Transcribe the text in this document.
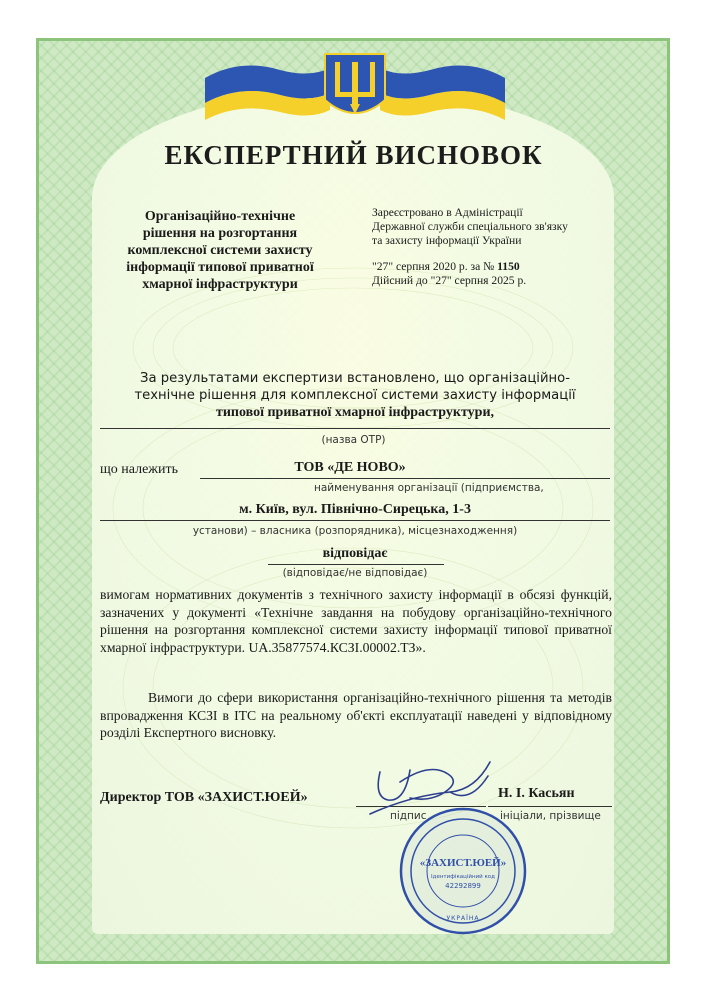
ЕКСПЕРТНИЙ ВИСНОВОК
Організаційно-технічне
рішення на розгортання
комплексної системи захисту
інформації типової приватної
хмарної інфраструктури
Зареєстровано в Адміністрації
Державної служби спеціального зв'язку
та захисту інформації України
"27" серпня 2020 р. за № 1150
Дійсний до "27" серпня 2025 р.
За результатами експертизи встановлено, що організаційно-
технічне рішення для комплексної системи захисту інформації
типової приватної хмарної інфраструктури,
(назва ОТР)
що належить	ТОВ «ДЕ НОВО»
найменування організації (підприємства,
м. Київ, вул. Північно-Сирецька, 1-3
установи) – власника (розпорядника), місцезнаходження)
відповідає
(відповідає/не відповідає)
вимогам нормативних документів з технічного захисту інформації в обсязі функцій, зазначених у документі «Технічне завдання на побудову організаційно-технічного рішення на розгортання комплексної системи захисту інформації типової приватної хмарної інфраструктури. UA.35877574.КСЗІ.00002.ТЗ».
Вимоги до сфери використання організаційно-технічного рішення та методів впровадження КСЗІ в ІТС на реальному об'єкті експлуатації наведені у відповідному розділі Експертного висновку.
Директор ТОВ «ЗАХИСТ.ЮЕЙ»
підпис
Н. І. Касьян
ініціали, прізвище
«ЗАХИСТ.ЮЕЙ»
Ідентифікаційний код
42292899
УКРАЇНА
